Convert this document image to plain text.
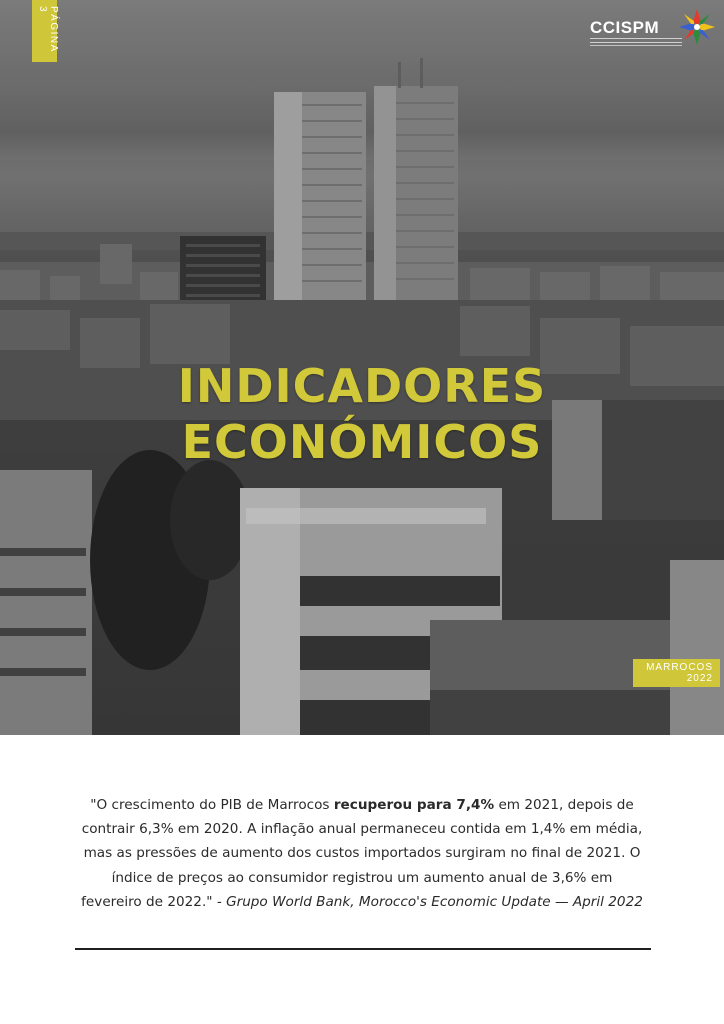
PÁGINA 3
CCISPM
INDICADORES
ECONÓMICOS
MARROCOS
2022

"O crescimento do PIB de Marrocos recuperou para 7,4% em 2021, depois de contrair 6,3% em 2020. A inflação anual permaneceu contida em 1,4% em média, mas as pressões de aumento dos custos importados surgiram no final de 2021. O índice de preços ao consumidor registrou um aumento anual de 3,6% em fevereiro de 2022." - Grupo World Bank, Morocco's Economic Update — April 2022
